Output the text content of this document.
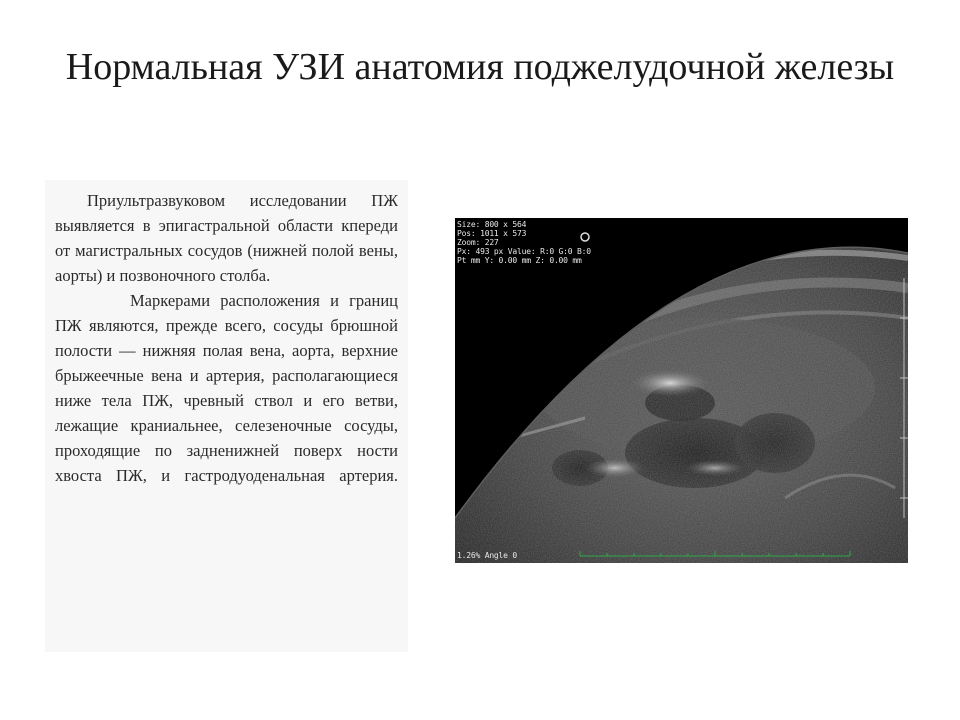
Нормальная УЗИ анатомия поджелудочной железы

Приультразвуковом исследовании ПЖ выявляется в эпигастральной области кпереди от магистральных сосудов (нижней полой вены, аорты) и позвоночного столба.

Маркерами расположения и границ ПЖ являются, прежде всего, сосуды брюшной полости — нижняя полая вена, аорта, верхние брыжеечные вена и артерия, располагающиеся ниже тела ПЖ, чревный ствол и его ветви, лежащие краниальнее, селезеночные сосуды, проходящие по задненижней поверх ности хвоста ПЖ, и гастродуоденальная артерия.

Size: 800 x 564
Pos: 1011 x 573
Zoom: 227
Px: 493 px Value: R:0 G:0 B:0
Pt mm Y: 0.00 mm Z: 0.00 mm
1.26% Angle 0
